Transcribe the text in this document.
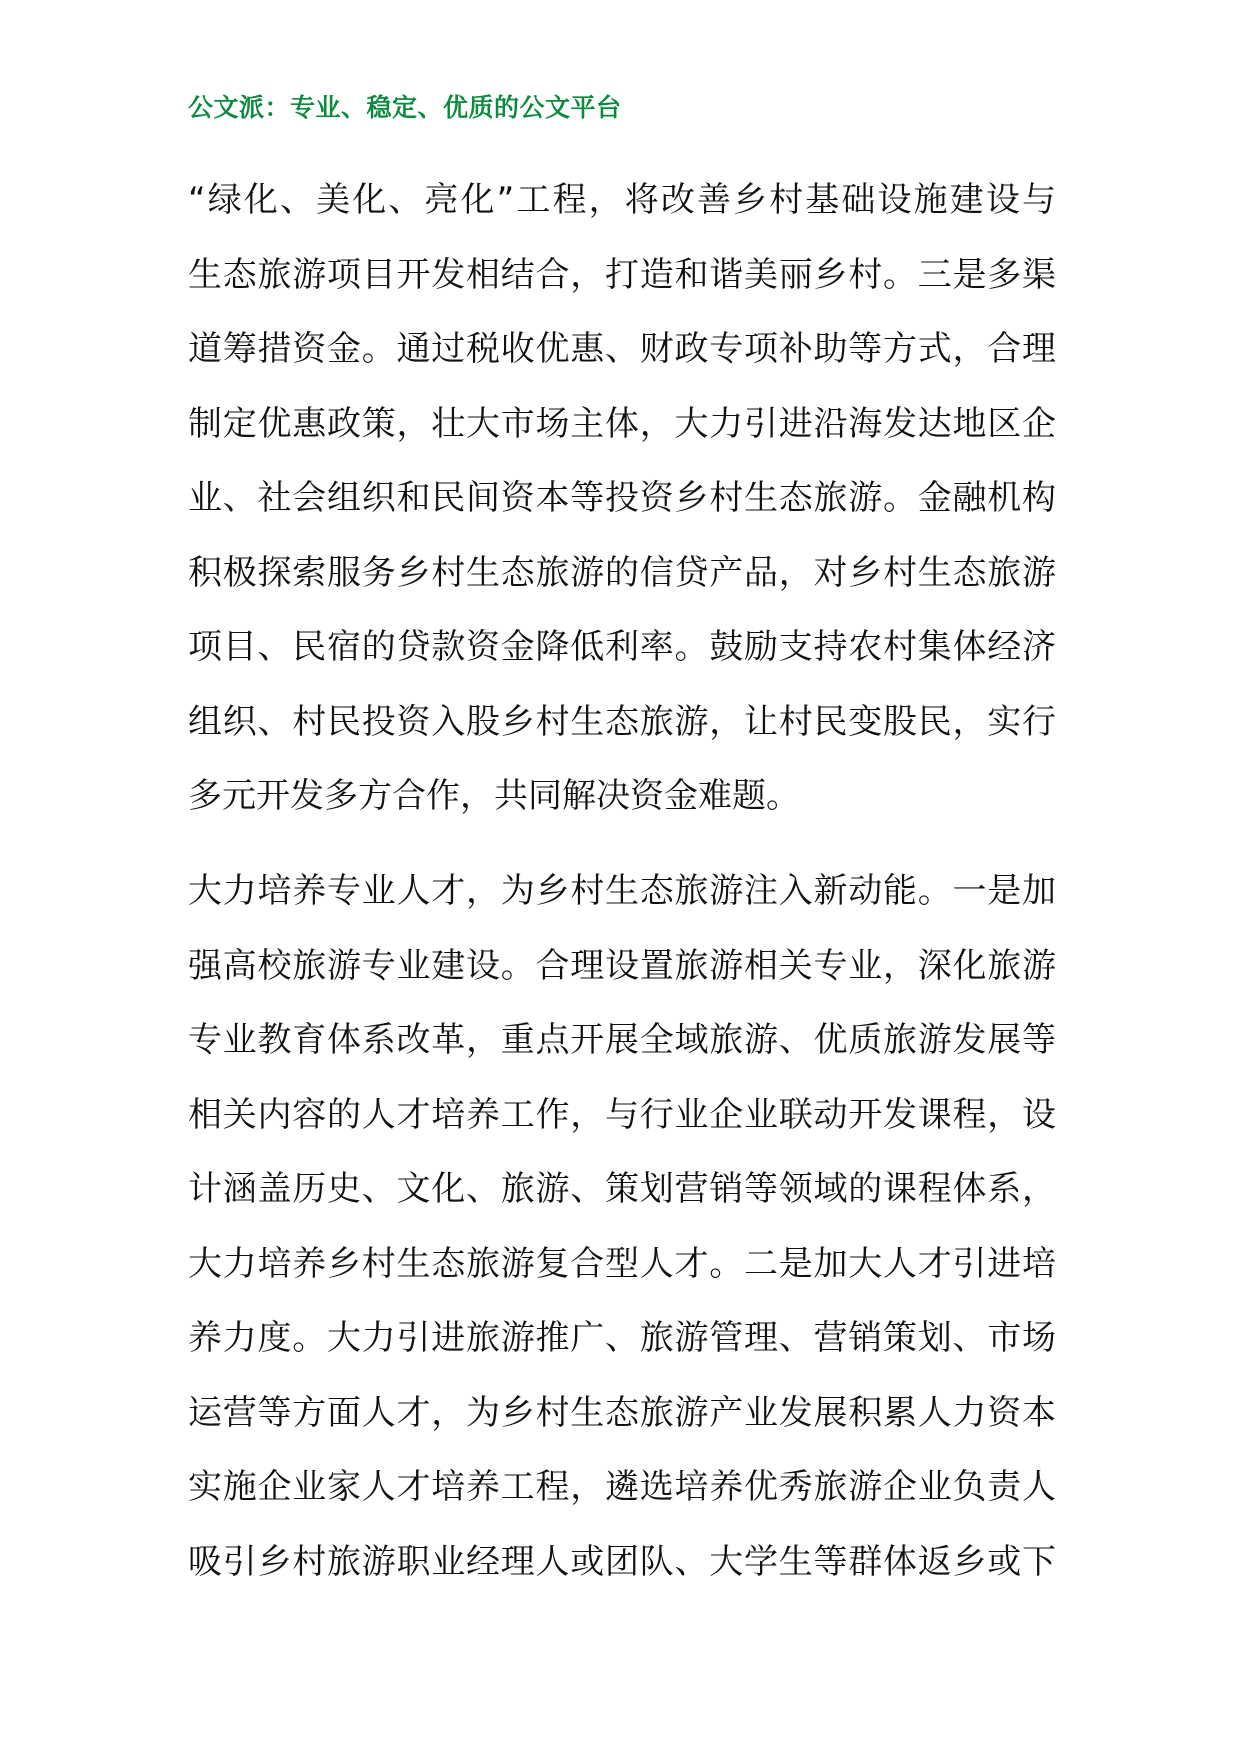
公文派：专业、稳定、优质的公文平台
“绿化、美化、亮化”工程，将改善乡村基础设施建设与
生态旅游项目开发相结合，打造和谐美丽乡村。三是多渠
道筹措资金。通过税收优惠、财政专项补助等方式，合理
制定优惠政策，壮大市场主体，大力引进沿海发达地区企
业、社会组织和民间资本等投资乡村生态旅游。金融机构
积极探索服务乡村生态旅游的信贷产品，对乡村生态旅游
项目、民宿的贷款资金降低利率。鼓励支持农村集体经济
组织、村民投资入股乡村生态旅游，让村民变股民，实行
多元开发多方合作，共同解决资金难题。
大力培养专业人才，为乡村生态旅游注入新动能。一是加
强高校旅游专业建设。合理设置旅游相关专业，深化旅游
专业教育体系改革，重点开展全域旅游、优质旅游发展等
相关内容的人才培养工作，与行业企业联动开发课程，设
计涵盖历史、文化、旅游、策划营销等领域的课程体系，
大力培养乡村生态旅游复合型人才。二是加大人才引进培
养力度。大力引进旅游推广、旅游管理、营销策划、市场
运营等方面人才，为乡村生态旅游产业发展积累人力资本
实施企业家人才培养工程，遴选培养优秀旅游企业负责人
吸引乡村旅游职业经理人或团队、大学生等群体返乡或下
